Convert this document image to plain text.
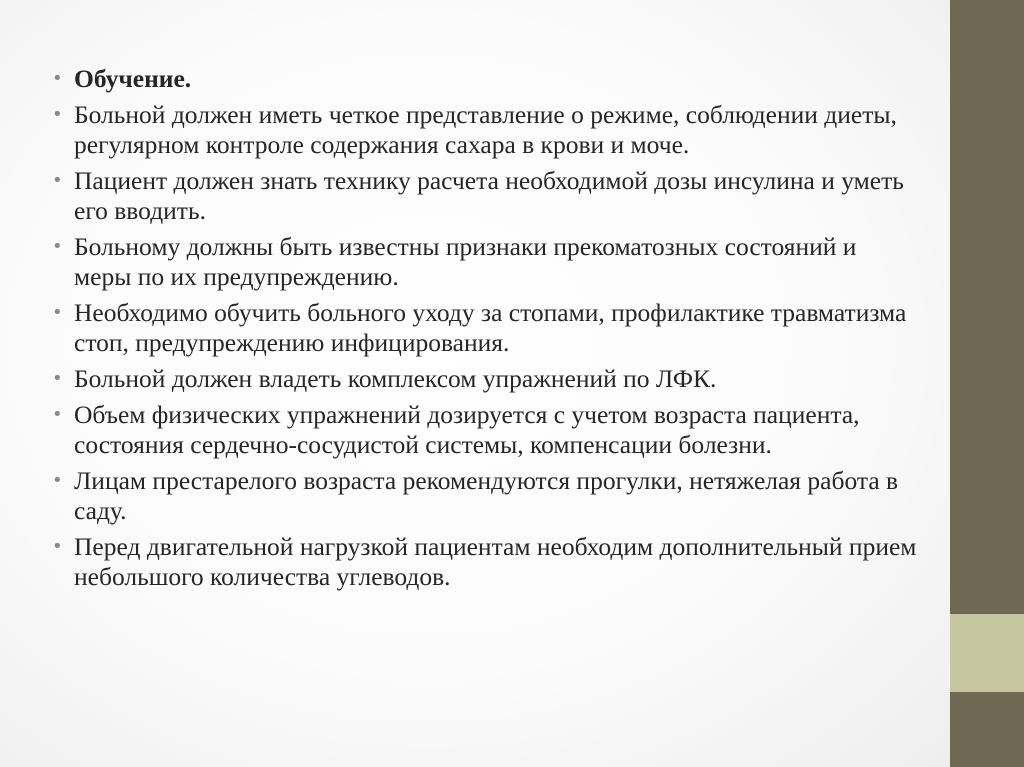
• Обучение.
• Больной должен иметь четкое представление о режиме, соблюдении диеты, регулярном контроле содержания сахара в крови и моче.
• Пациент должен знать технику расчета необходимой дозы инсулина и уметь его вводить.
• Больному должны быть известны признаки прекоматозных состояний и меры по их предупреждению.
• Необходимо обучить больного уходу за стопами, профилактике травматизма стоп, предупреждению инфицирования.
• Больной должен владеть комплексом упражнений по ЛФК.
• Объем физических упражнений дозируется с учетом возраста пациента, состояния сердечно-сосудистой системы, компенсации болезни.
• Лицам престарелого возраста рекомендуются прогулки, нетяжелая работа в саду.
• Перед двигательной нагрузкой пациентам необходим дополнительный прием небольшого количества углеводов.
